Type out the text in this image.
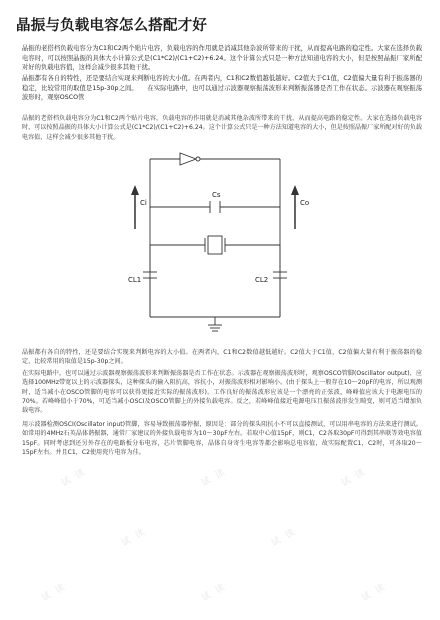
晶振与负载电容怎么搭配才好
晶振的老搭档负载电容分为C1和C2两个贴片电容，负载电容的作用就是消减其他杂波所带来的干扰，从而提高电路的稳定性。大家在选择负载电容时，可以按照晶振的具体大小计算公式是(C1*C2)/(C1+C2)+6.24。这个计算公式只是一种方法知道电容的大小，但是按照晶振厂家所配对好的负载电容值，这样会减少很多其他干扰。
晶振都有各自的特性，还是要结合实现来判断电容的大小值。在两者内，C1和C2数值越低越好。C2值大于C1值，C2值偏大量有利于振荡器的稳定，比较常用的取值是15p-30p之间。　　在实际电路中，也可以通过示波器观察振荡波形来判断振荡器是否工作在状态。示波器在观察振荡波形时，观察OSCO管
晶振的老搭档负载电容分为C1和C2两个贴片电容，负载电容的作用就是消减其他杂波所带来的干扰，从而提高电路的稳定性。大家在选择负载电容时，可以按照晶振的具体大小计算公式是(C1*C2)/(C1+C2)+6.24。这个计算公式只是一种方法知道电容的大小，但是按照晶振厂家所配对好的负载电容值，这样会减少很多其他干扰。
Cs
Ci	Co
CL1	CL2
晶振都有各自的特性，还是要结合实现来判断电容的大小值。在两者内，C1和C2数值越低越好。C2值大于C1值，C2值偏大量有利于振荡器的稳定，比较常用的取值是15p-30p之间。
在实际电路中，也可以通过示波器观察振荡波形来判断振荡器是否工作在状态。示波器在观察振荡波形时，观察OSCO管脚(Oscillator output)，应选择100MHz带宽以上的示波器探头，这种探头的输入阻抗高，容抗小，对振荡波形相对影响小。(由于探头上一般存在10～20pF的电容，所以观测时，适当减小在OSCO管脚的电容可以获得更接近实际的振荡波形)。工作良好的振荡波形应该是一个漂亮的正弦波，峰峰值应该大于电源电压的70%。若峰峰值小于70%，可适当减小OSCI及OSCO管脚上的外接负载电容。反之，若峰峰值接近电源电压且振荡波形发生畸变，则可适当增加负载电容。
用示波器检测OSCI(Oscillator input)管脚，容易导致振荡器停振，原因是：部分的探头阻抗小不可以直接测试，可以用串电容的方法来进行测试。如常用的4MHz石英晶体谐振器，通常厂家建议的外接负载电容为10～30pF左右。若取中心值15pF，则C1，C2各取30pF可得到其串联等效电容值15pF。同时考虑到还另外存在的电路板分布电容，芯片管脚电容，晶体自身寄生电容等都会影响总电容值，故实际配置C1，C2时，可各取20～15pF左右。并且C1，C2使用瓷片电容为佳。
试 读	试 读	试 读
试 读	试 读
试 读	试 读	试 读
